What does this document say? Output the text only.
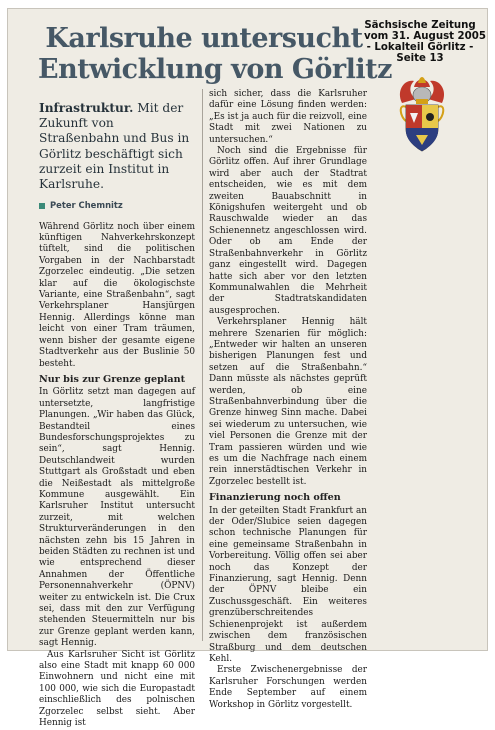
Karlsruhe untersucht
Entwicklung von Görlitz

Infrastruktur. Mit der Zukunft von Straßenbahn und Bus in Görlitz beschäftigt sich zurzeit ein Institut in Karlsruhe.

Peter Chemnitz

Während Görlitz noch über einem künftigen Nahverkehrskonzept tüftelt, sind die politischen Vorgaben in der Nachbarstadt Zgorzelec eindeutig. „Die setzen klar auf die ökologischste Variante, eine Straßenbahn“, sagt Verkehrsplaner Hansjürgen Hennig. Allerdings könne man leicht von einer Tram träumen, wenn bisher der gesamte eigene Stadtverkehr aus der Buslinie 50 besteht.

Nur bis zur Grenze geplant

In Görlitz setzt man dagegen auf untersetzte, langfristige Planungen. „Wir haben das Glück, Bestandteil eines Bundesforschungsprojektes zu sein“, sagt Hennig. Deutschlandweit wurden Stuttgart als Großstadt und eben die Neißestadt als mittelgroße Kommune ausgewählt. Ein Karlsruher Institut untersucht zurzeit, mit welchen Strukturveränderungen in den nächsten zehn bis 15 Jahren in beiden Städten zu rechnen ist und wie entsprechend dieser Annahmen der Öffentliche Personennahverkehr (ÖPNV) weiter zu entwickeln ist. Die Crux sei, dass mit den zur Verfügung stehenden Steuermitteln nur bis zur Grenze geplant werden kann, sagt Hennig.

Aus Karlsruher Sicht ist Görlitz also eine Stadt mit knapp 60 000 Einwohnern und nicht eine mit 100 000, wie sich die Europastadt einschließlich des polnischen Zgorzelec selbst sieht. Aber Hennig ist

sich sicher, dass die Karlsruher dafür eine Lösung finden werden: „Es ist ja auch für die reizvoll, eine Stadt mit zwei Nationen zu untersuchen.“

Noch sind die Ergebnisse für Görlitz offen. Auf ihrer Grundlage wird aber auch der Stadtrat entscheiden, wie es mit dem zweiten Bauabschnitt in Königshufen weitergeht und ob Rauschwalde wieder an das Schienennetz angeschlossen wird. Oder ob am Ende der Straßenbahnverkehr in Görlitz ganz eingestellt wird. Dagegen hatte sich aber vor den letzten Kommunalwahlen die Mehrheit der Stadtratskandidaten ausgesprochen.

Verkehrsplaner Hennig hält mehrere Szenarien für möglich: „Entweder wir halten an unseren bisherigen Planungen fest und setzen auf die Straßenbahn.“ Dann müsste als nächstes geprüft werden, ob eine Straßenbahnverbindung über die Grenze hinweg Sinn mache. Dabei sei wiederum zu untersuchen, wie viel Personen die Grenze mit der Tram passieren würden und wie es um die Nachfrage nach einem rein innerstädtischen Verkehr in Zgorzelec bestellt ist.

Finanzierung noch offen

In der geteilten Stadt Frankfurt an der Oder/Slubice seien dagegen schon technische Planungen für eine gemeinsame Straßenbahn in Vorbereitung. Völlig offen sei aber noch das Konzept der Finanzierung, sagt Hennig. Denn der ÖPNV bleibe ein Zuschussgeschäft. Ein weiteres grenzüberschreitendes Schienenprojekt ist außerdem zwischen dem französischen Straßburg und dem deutschen Kehl.

Erste Zwischenergebnisse der Karlsruher Forschungen werden Ende September auf einem Workshop in Görlitz vorgestellt.

Sächsische Zeitung
vom 31. August 2005
- Lokalteil Görlitz -
Seite 13
